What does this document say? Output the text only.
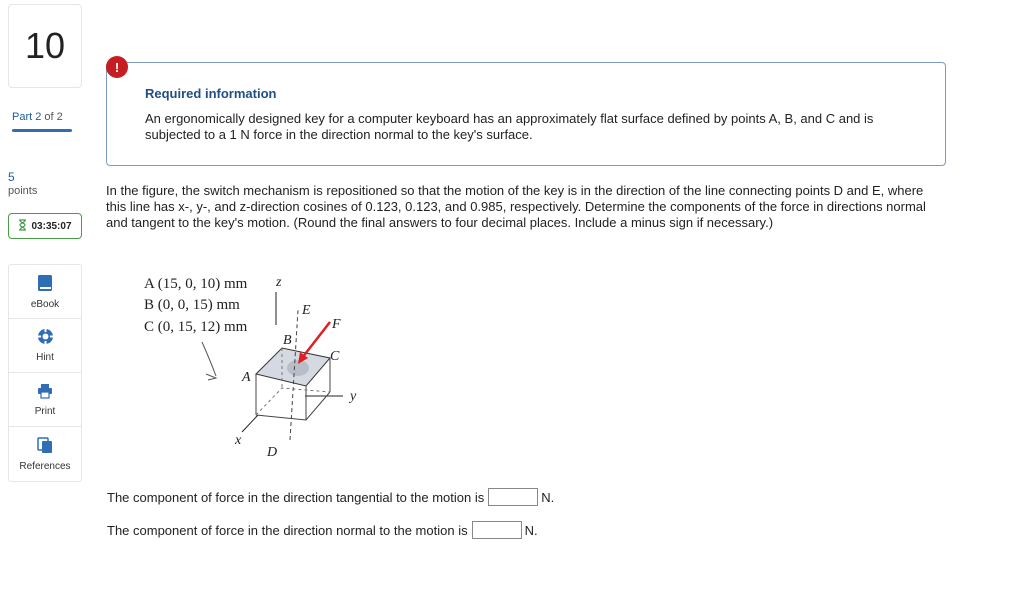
10
Part 2 of 2
5
points
03:35:07
eBook
Hint
Print
References
Required information
An ergonomically designed key for a computer keyboard has an approximately flat surface defined by points A, B, and C and is subjected to a 1 N force in the direction normal to the key's surface.
!
In the figure, the switch mechanism is repositioned so that the motion of the key is in the direction of the line connecting points D and E, where this line has x-, y-, and z-direction cosines of 0.123, 0.123, and 0.985, respectively. Determine the components of the force in directions normal and tangent to the key's motion. (Round the final answers to four decimal places. Include a minus sign if necessary.)
A (15, 0, 10) mm
B (0, 0, 15) mm
C (0, 15, 12) mm
z
y
x
A
B
C
D
E
F
The component of force in the direction tangential to the motion is	N.
The component of force in the direction normal to the motion is	N.
